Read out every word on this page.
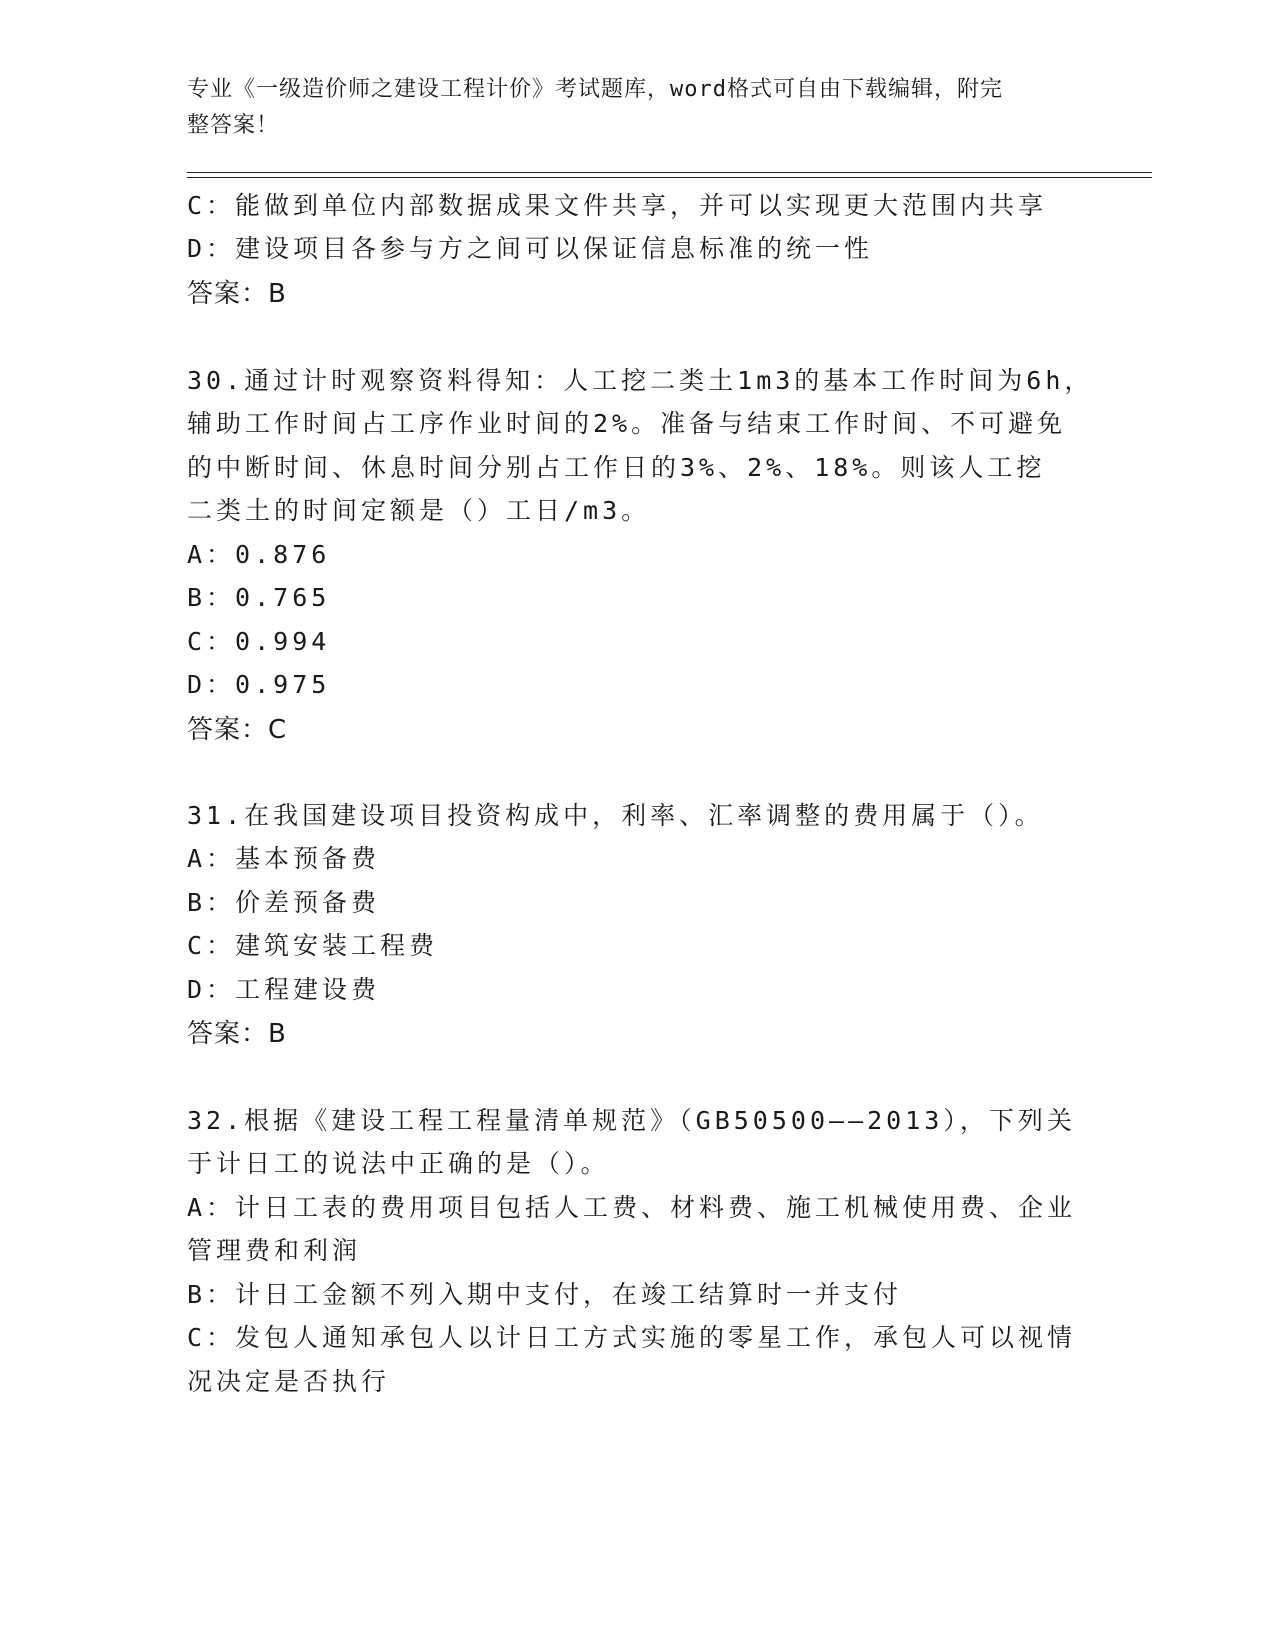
专业《一级造价师之建设工程计价》考试题库，word格式可自由下载编辑，附完
整答案！
C：能做到单位内部数据成果文件共享，并可以实现更大范围内共享
D：建设项目各参与方之间可以保证信息标准的统一性
答案：B
30.通过计时观察资料得知：人工挖二类土1m3的基本工作时间为6h，
辅助工作时间占工序作业时间的2%。准备与结束工作时间、不可避免
的中断时间、休息时间分别占工作日的3%、2%、18%。则该人工挖
二类土的时间定额是（）工日/m3。
A：0.876
B：0.765
C：0.994
D：0.975
答案：C
31.在我国建设项目投资构成中，利率、汇率调整的费用属于（）。
A：基本预备费
B：价差预备费
C：建筑安装工程费
D：工程建设费
答案：B
32.根据《建设工程工程量清单规范》（GB50500——2013），下列关
于计日工的说法中正确的是（）。
A：计日工表的费用项目包括人工费、材料费、施工机械使用费、企业
管理费和利润
B：计日工金额不列入期中支付，在竣工结算时一并支付
C：发包人通知承包人以计日工方式实施的零星工作，承包人可以视情
况决定是否执行
